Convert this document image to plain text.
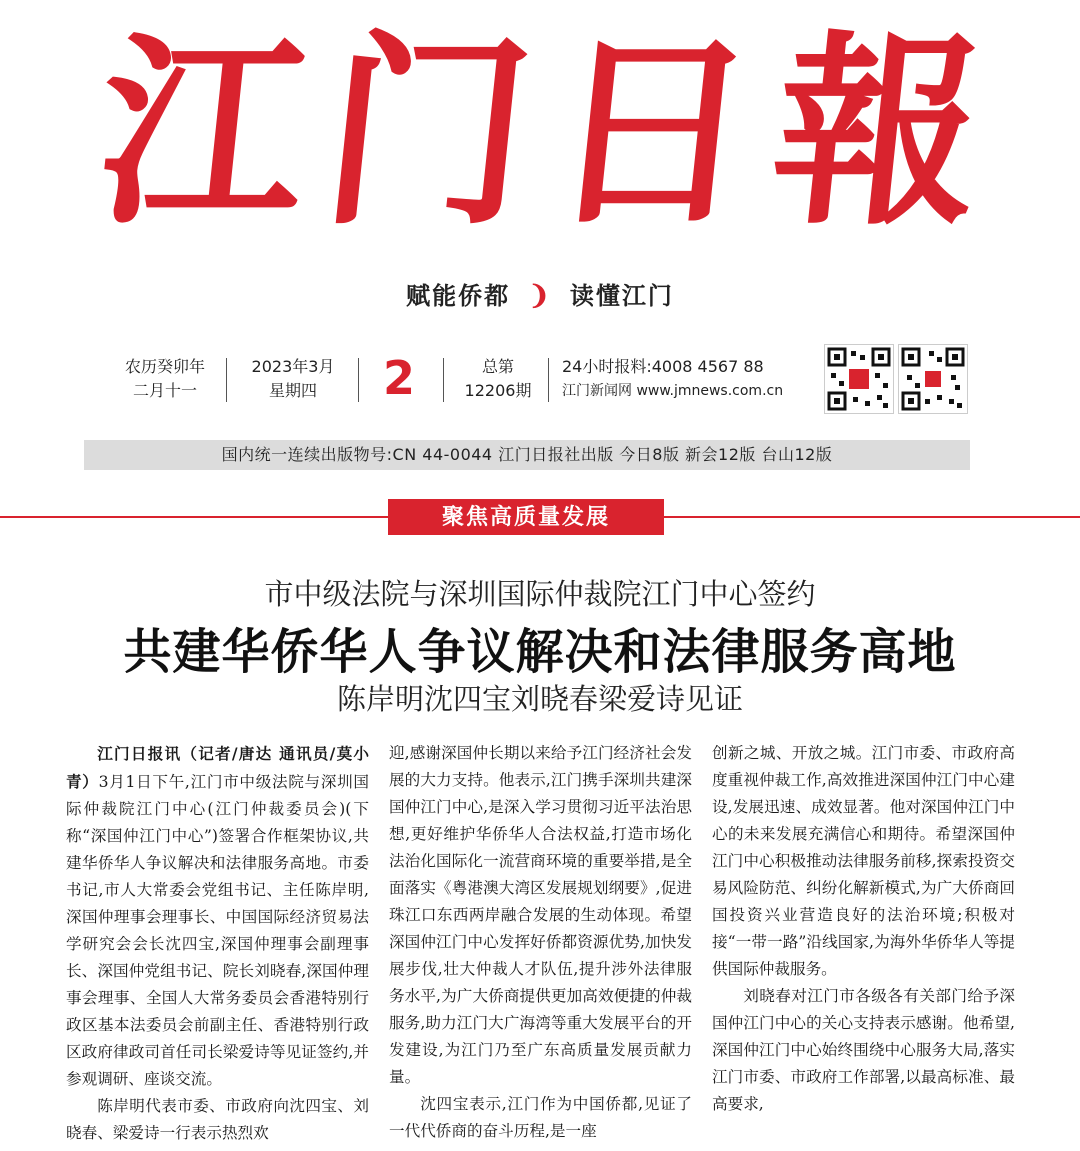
江
门
日
報
赋能侨都 ❩ 读懂江门
农历癸卯年
二月十一
2023年3月
星期四	2	总第
12206期
24小时报料:4008 4567 88
江门新闻网 www.jmnews.com.cn
国内统一连续出版物号:CN 44-0044 江门日报社出版 今日8版 新会12版 台山12版
聚焦高质量发展
市中级法院与深圳国际仲裁院江门中心签约
共建华侨华人争议解决和法律服务高地
陈岸明沈四宝刘晓春梁爱诗见证

江门日报讯（记者/唐达 通讯员/莫小青）3月1日下午,江门市中级法院与深圳国际仲裁院江门中心(江门仲裁委员会)(下称“深国仲江门中心”)签署合作框架协议,共建华侨华人争议解决和法律服务高地。市委书记,市人大常委会党组书记、主任陈岸明,深国仲理事会理事长、中国国际经济贸易法学研究会会长沈四宝,深国仲理事会副理事长、深国仲党组书记、院长刘晓春,深国仲理事会理事、全国人大常务委员会香港特别行政区基本法委员会前副主任、香港特别行政区政府律政司首任司长梁爱诗等见证签约,并参观调研、座谈交流。

陈岸明代表市委、市政府向沈四宝、刘晓春、梁爱诗一行表示热烈欢

迎,感谢深国仲长期以来给予江门经济社会发展的大力支持。他表示,江门携手深圳共建深国仲江门中心,是深入学习贯彻习近平法治思想,更好维护华侨华人合法权益,打造市场化法治化国际化一流营商环境的重要举措,是全面落实《粤港澳大湾区发展规划纲要》,促进珠江口东西两岸融合发展的生动体现。希望深国仲江门中心发挥好侨都资源优势,加快发展步伐,壮大仲裁人才队伍,提升涉外法律服务水平,为广大侨商提供更加高效便捷的仲裁服务,助力江门大广海湾等重大发展平台的开发建设,为江门乃至广东高质量发展贡献力量。

沈四宝表示,江门作为中国侨都,见证了一代代侨商的奋斗历程,是一座

创新之城、开放之城。江门市委、市政府高度重视仲裁工作,高效推进深国仲江门中心建设,发展迅速、成效显著。他对深国仲江门中心的未来发展充满信心和期待。希望深国仲江门中心积极推动法律服务前移,探索投资交易风险防范、纠纷化解新模式,为广大侨商回国投资兴业营造良好的法治环境;积极对接“一带一路”沿线国家,为海外华侨华人等提供国际仲裁服务。

刘晓春对江门市各级各有关部门给予深国仲江门中心的关心支持表示感谢。他希望,深国仲江门中心始终围绕中心服务大局,落实江门市委、市政府工作部署,以最高标准、最高要求,
